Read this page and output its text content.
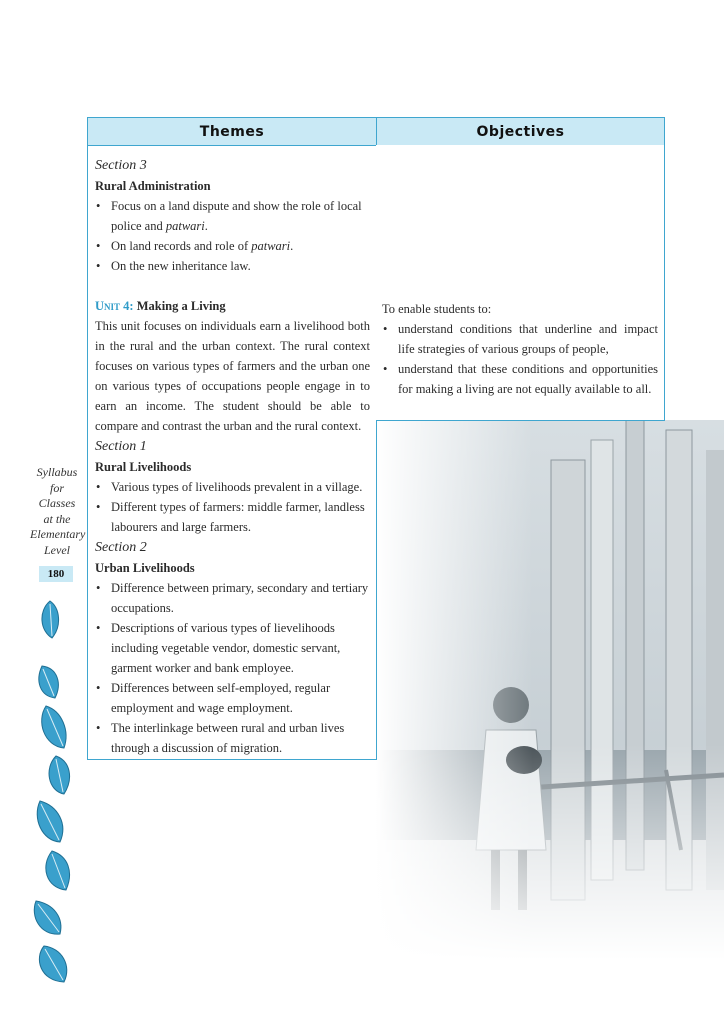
Themes	Objectives
Section 3
Rural Administration
• Focus on a land dispute and show the role of local police and patwari.
• On land records and role of patwari.
• On the new inheritance law.
Unit 4: Making a Living

This unit focuses on individuals earn a livelihood both in the rural and the urban context. The rural context focuses on various types of farmers and the urban one on various types of occupations people engage in to earn an income. The student should be able to compare and contrast the urban and the rural context.

Section 1
Rural Livelihoods
• Various types of livelihoods prevalent in a village.
• Different types of farmers: middle farmer, landless labourers and large farmers.
Section 2
Urban Livelihoods
• Difference between primary, secondary and tertiary occupations.
• Descriptions of various types of lievelihoods including vegetable vendor, domestic servant, garment worker and bank employee.
• Differences between self-employed, regular employment and wage employment.
• The interlinkage between rural and urban lives through a discussion of migration.
To enable students to:
• understand conditions that underline and impact life strategies of various groups of people,
• understand that these conditions and opportunities for making a living are not equally available to all.
Syllabus
for
Classes
at the
Elementary
Level
180
